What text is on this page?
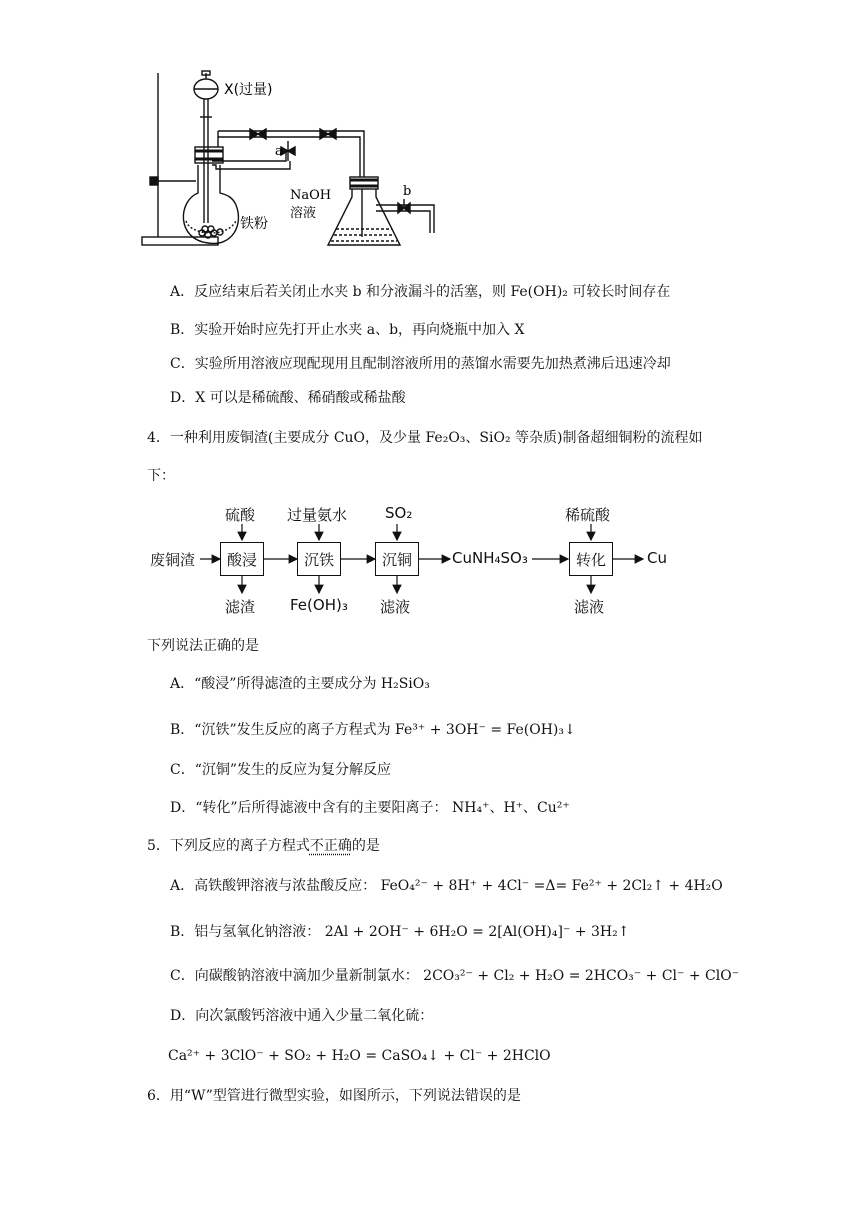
X(过量)
a
b
NaOH
溶液
铁粉
A．反应结束后若关闭止水夹 b 和分液漏斗的活塞，则 Fe(OH)₂ 可较长时间存在
B．实验开始时应先打开止水夹 a、b，再向烧瓶中加入 X
C．实验所用溶液应现配现用且配制溶液所用的蒸馏水需要先加热煮沸后迅速冷却
D．X 可以是稀硫酸、稀硝酸或稀盐酸
4．一种利用废铜渣(主要成分 CuO，及少量 Fe₂O₃、SiO₂ 等杂质)制备超细铜粉的流程如
下：
废铜渣	酸浸	沉铁	沉铜	转化
硫酸 过量氨水	SO₂	稀硫酸
滤渣 Fe(OH)₃ 滤液	滤液
CuNH₄SO₃	Cu
下列说法正确的是
A．“酸浸”所得滤渣的主要成分为 H₂SiO₃
B．“沉铁”发生反应的离子方程式为 Fe³⁺ + 3OH⁻ = Fe(OH)₃↓
C．“沉铜”发生的反应为复分解反应
D．“转化”后所得滤液中含有的主要阳离子： NH₄⁺、H⁺、Cu²⁺
5．下列反应的离子方程式不正确的是
A．高铁酸钾溶液与浓盐酸反应： FeO₄²⁻ + 8H⁺ + 4Cl⁻ =Δ= Fe²⁺ + 2Cl₂↑ + 4H₂O
B．铝与氢氧化钠溶液： 2Al + 2OH⁻ + 6H₂O = 2[Al(OH)₄]⁻ + 3H₂↑
C．向碳酸钠溶液中滴加少量新制氯水： 2CO₃²⁻ + Cl₂ + H₂O = 2HCO₃⁻ + Cl⁻ + ClO⁻
D．向次氯酸钙溶液中通入少量二氧化硫：
Ca²⁺ + 3ClO⁻ + SO₂ + H₂O = CaSO₄↓ + Cl⁻ + 2HClO
6．用“W”型管进行微型实验，如图所示，下列说法错误的是
